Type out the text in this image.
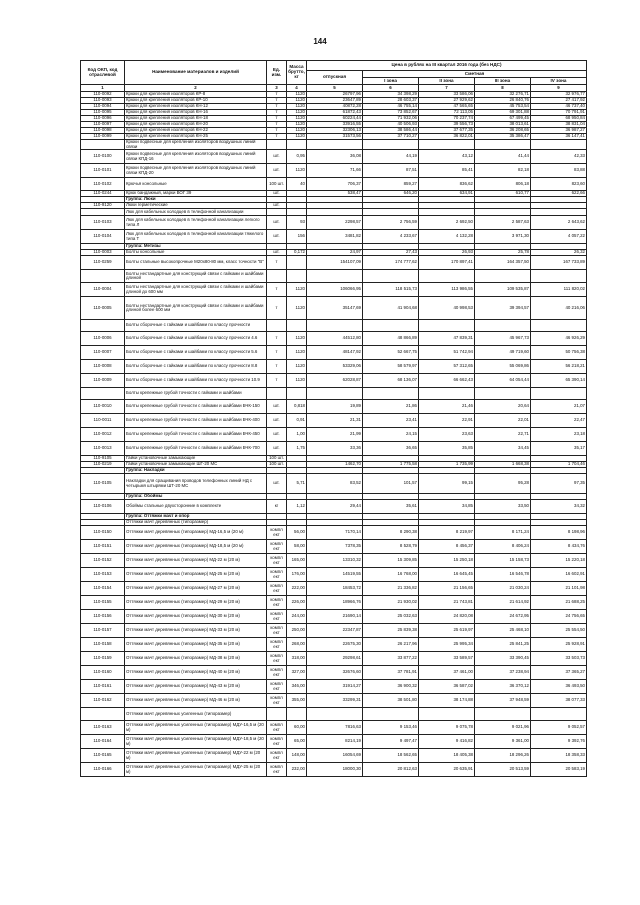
144
Код ОКП, код отраслевой	Наименование материалов и изделий	Ед. изм.	Масса брутто, кг	Цена в рублях на III квартал 2016 года (без НДС)				
				отпускная	Сметная			
					I зона	II зона	III зона	IV зона
1	2	3	4	5	6	7	8	9
110-0092	Крюки для крепления изоляторов КР-8	т	1120	26797,96	34 398,29	33 586,06	32 276,71	32 976,77
110-0093	Крюки для крепления изоляторов КР-10	т	1120	23647,89	28 603,37	27 929,62	26 840,76	27 417,92
110-0094	Крюки для крепления изоляторов КН-12	т	1120	40872,28	46 755,14	47 565,65	45 753,54	46 737,40
110-0095	Крюки для крепления изоляторов КН-16	т	1120	61872,43	73 852,67	72 113,05	69 301,88	70 791,91
110-0096	Крюки для крепления изоляторов КН-18	т	1120	60224,44	71 932,06	70 237,74	67 499,45	68 950,84
110-0097	Крюки для крепления изоляторов КН-20	т	1120	33916,55	40 506,93	39 556,73	38 013,61	38 831,04
110-0098	Крюки для крепления изоляторов КН-22	т	1120	32306,13	38 586,44	37 677,35	36 208,65	36 987,27
110-0099	Крюки для крепления изоляторов КН-25	т	1120	31573,56	37 710,27	36 822,01	35 386,47	36 147,41
	Крюки подвесные для крепления изоляторов воздушных линий связи							
110-0100	Крюки подвесные для крепления изоляторов воздушных линий связи КПД-16	шт.	0,95	36,08	44,19	43,12	41,44	42,33
110-0101	Крюки подвесные для крепления изоляторов воздушных линий связи КПД-20	шт.	1120	71,66	87,51	85,41	82,18	83,88
110-0102	Крючья консольные	100 шт.	40	706,37	859,27	836,62	806,18	823,60
110-0244	Крюк бандажный, марки ВОГ 39	шт.		538,47	646,20	634,91	610,77	622,66
	Группа: Люки							
110-9120	Люки герметические	шт.						
	Люк для кабельных колодцев в телефонной канализации							
110-0103	Люк для кабельных колодцев в телефонной канализации легкого типа Л	шт.	93	2298,57	2 756,59	2 692,50	2 587,63	2 643,62
110-0104	Люк для кабельных колодцев в телефонной канализации тяжелого типа Т	шт.	156	3481,82	4 233,67	4 132,28	3 971,30	4 057,22
	Группа: Метизы							
110-0003	Болты консольные	шт.	0,172	24,97	27,43	26,93	25,78	26,32
110-0259	Болты стальные высокопрочные М20х80-80 мм, класс точности "В"	т		154107,09	174 777,62	170 897,41	164 357,50	167 733,89
	Болты нестандартные для конструкций связи с гайками и шайбами длиной							
110-0004	Болты нестандартные для конструкций связи с гайками и шайбами длиной до 600 мм	т	1120	106066,95	118 515,73	113 986,55	109 535,87	111 820,02
110-0005	Болты нестандартные для конструкций связи с гайками и шайбами длиной более 600 мм	т	1120	35147,69	41 904,68	40 998,53	39 394,57	40 216,06
	Болты сборочные с гайками и шайбами по классу прочности							
110-0006	Болты сборочные с гайками и шайбами по классу прочности 4.6	т	1120	44512,80	48 866,89	47 839,31	45 967,73	46 926,29
110-0007	Болты сборочные с гайками и шайбами по классу прочности 5.6	т	1120	48147,92	52 667,75	51 742,94	49 719,60	50 756,38
110-0008	Болты сборочные с гайками и шайбами по классу прочности 8.8	т	1120	53329,06	58 579,97	57 312,65	55 069,86	56 218,21
110-0009	Болты сборочные с гайками и шайбами по классу прочности 10.9	т	1120	62028,87	68 136,07	66 662,43	64 054,44	65 390,14
	Болты крепежные грубой точности с гайками и шайбами							
110-0010	Болты крепежные грубой точности с гайками и шайбами БЧК-150	шт.	0,818	19,89	21,86	21,46	20,64	21,07
110-0011	Болты крепежные грубой точности с гайками и шайбами БЧК-400	шт.	0,91	21,31	23,41	22,91	22,01	22,47
110-0012	Болты крепежные грубой точности с гайками и шайбами БЧК-450	шт.	1,00	21,99	24,15	23,63	22,71	23,18
110-0013	Болты крепежные грубой точности с гайками и шайбами БЧК-700	шт.	1,75	33,36	36,65	35,85	34,45	35,17
110-9105	Гайки установочные замыкающие	100 шт.						
110-0219	Гайки установочные замыкающие ШГ-20 МС	100 шт.		1462,70	1 775,58	1 735,99	1 668,38	1 704,46
	Группа: Накладки							
110-0105	Накладки для сращивания проводов телефонных линий НД с четырьмя штырями ШТ-20 МС	шт.	5,71	83,52	101,57	99,15	95,28	97,35
	Группа: Обоймы							
110-0106	Обоймы стальные двухсторонние в комплекте	кг	1,12	29,44	35,61	34,85	33,50	34,32
	Группа: Оттяжки мачт и опор							
	Оттяжки мачт деревянных (типоразмер)							
110-0150	Оттяжки мачт деревянных (типоразмер) МД-16,5 м (20 м)	компл ект	56,00	7170,14	8 290,38	8 219,97	8 171,24	8 198,96
110-0151	Оттяжки мачт деревянных (типоразмер) МД-18,5 м (20 м)	компл ект	58,00	7378,35	8 528,79	8 456,37	8 406,24	8 434,76
110-0152	Оттяжки мачт деревянных (типоразмер) МД-22 м (20 м)	компл ект	165,00	13310,32	15 309,85	15 250,18	15 158,73	15 220,18
110-0153	Оттяжки мачт деревянных (типоразмер) МД-25 м (20 м)	компл ект	176,00	14519,55	16 768,00	16 645,45	16 546,78	16 602,91
110-0154	Оттяжки мачт деревянных (типоразмер) МД-27 м (20 м)	компл ект	222,00	18453,72	21 336,82	21 156,65	21 030,24	21 101,98
110-0155	Оттяжки мачт деревянных (типоразмер) МД-29 м (20 м)	компл ект	226,00	18966,76	21 930,02	21 743,81	21 614,92	21 688,25
110-0156	Оттяжки мачт деревянных (типоразмер) МД-30 м (20 м)	компл ект	244,00	21690,14	25 032,63	24 820,08	24 672,95	24 756,65
110-0157	Оттяжки мачт деревянных (типоразмер) МД-33 м (20 м)	компл ект	250,00	22347,87	25 839,38	25 619,97	25 468,10	25 554,50
110-0158	Оттяжки мачт деревянных (типоразмер) МД-35 м (20 м)	компл ект	268,00	22675,30	26 217,96	25 995,34	25 841,25	25 928,91
110-0159	Оттяжки мачт деревянных (типоразмер) МД-38 м (20 м)	компл ект	318,00	29298,61	33 877,22	33 589,57	33 390,45	33 503,73
110-0160	Оттяжки мачт деревянных (типоразмер) МД-40 м (20 м)	компл ект	327,00	32676,60	37 781,91	37 461,00	37 238,94	37 365,27
110-0161	Оттяжки мачт деревянных (типоразмер) МД-43 м (20 м)	компл ект	346,00	31914,27	36 900,32	36 587,02	36 370,12	36 493,50
110-0162	Оттяжки мачт деревянных (типоразмер) МД-46 м (20 м)	компл ект	355,00	33299,31	38 501,80	38 174,88	37 948,59	38 077,33
	Оттяжки мачт деревянных усиленных (типоразмер)							
110-0163	Оттяжки мачт деревянных усиленных (типоразмер) МДУ-16,5 м (20 м)	компл ект	60,00	7816,63	9 153,46	9 075,78	9 021,96	9 052,57
110-0164	Оттяжки мачт деревянных усиленных (типоразмер) МДУ-18,5 м (20 м)	компл ект	65,00	8214,19	9 497,47	9 416,82	9 361,00	9 392,76
110-0165	Оттяжки мачт деревянных усиленных (типоразмер) МДУ-22 м (20 м)	компл ект	148,00	16054,69	18 562,65	18 405,38	18 296,26	18 358,33
110-0166	Оттяжки мачт деревянных усиленных (типоразмер) МДУ-25 м (20 м)	компл ект	232,00	18000,30	20 812,63	20 635,91	20 513,59	20 583,19
